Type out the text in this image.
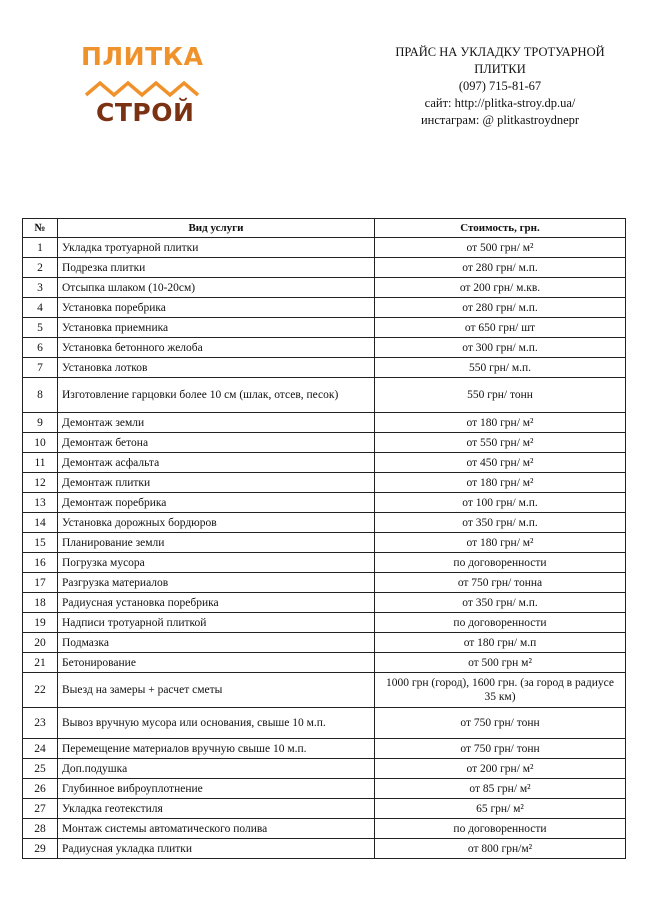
ПЛИТКА
СТРОЙ
ПРАЙС НА УКЛАДКУ ТРОТУАРНОЙ
ПЛИТКИ
(097) 715-81-67
сайт: http://plitka-stroy.dp.ua/
инстаграм: @ plitkastroydnepr
№	Вид услуги	Стоимость, грн.
1	Укладка тротуарной плитки	от 500 грн/ м²
2	Подрезка плитки	от 280 грн/ м.п.
3	Отсыпка шлаком (10-20см)	от 200 грн/ м.кв.
4	Установка поребрика	от 280 грн/ м.п.
5	Установка приемника	от 650 грн/ шт
6	Установка бетонного желоба	от 300 грн/ м.п.
7	Установка лотков	550 грн/ м.п.
8	Изготовление гарцовки более 10 см (шлак, отсев, песок)	550 грн/ тонн
9	Демонтаж земли	от 180 грн/ м²
10	Демонтаж бетона	от 550 грн/ м²
11	Демонтаж асфальта	от 450 грн/ м²
12	Демонтаж плитки	от 180 грн/ м²
13	Демонтаж поребрика	от 100 грн/ м.п.
14	Установка дорожных бордюров	от 350 грн/ м.п.
15	Планирование земли	от 180 грн/ м²
16	Погрузка мусора	по договоренности
17	Разгрузка материалов	от 750 грн/ тонна
18	Радиусная установка поребрика	от 350 грн/ м.п.
19	Надписи тротуарной плиткой	по договоренности
20	Подмазка	от 180 грн/ м.п
21	Бетонирование	от 500 грн м²
22	Выезд на замеры + расчет сметы	1000 грн (город), 1600 грн. (за город в радиусе 35 км)
23	Вывоз вручную мусора или основания, свыше 10 м.п.	от 750 грн/ тонн
24	Перемещение материалов вручную свыше 10 м.п.	от 750 грн/ тонн
25	Доп.подушка	от 200 грн/ м²
26	Глубинное виброуплотнение	от 85 грн/ м²
27	Укладка геотекстиля	65 грн/ м²
28	Монтаж системы автоматического полива	по договоренности
29	Радиусная укладка плитки	от 800 грн/м²
